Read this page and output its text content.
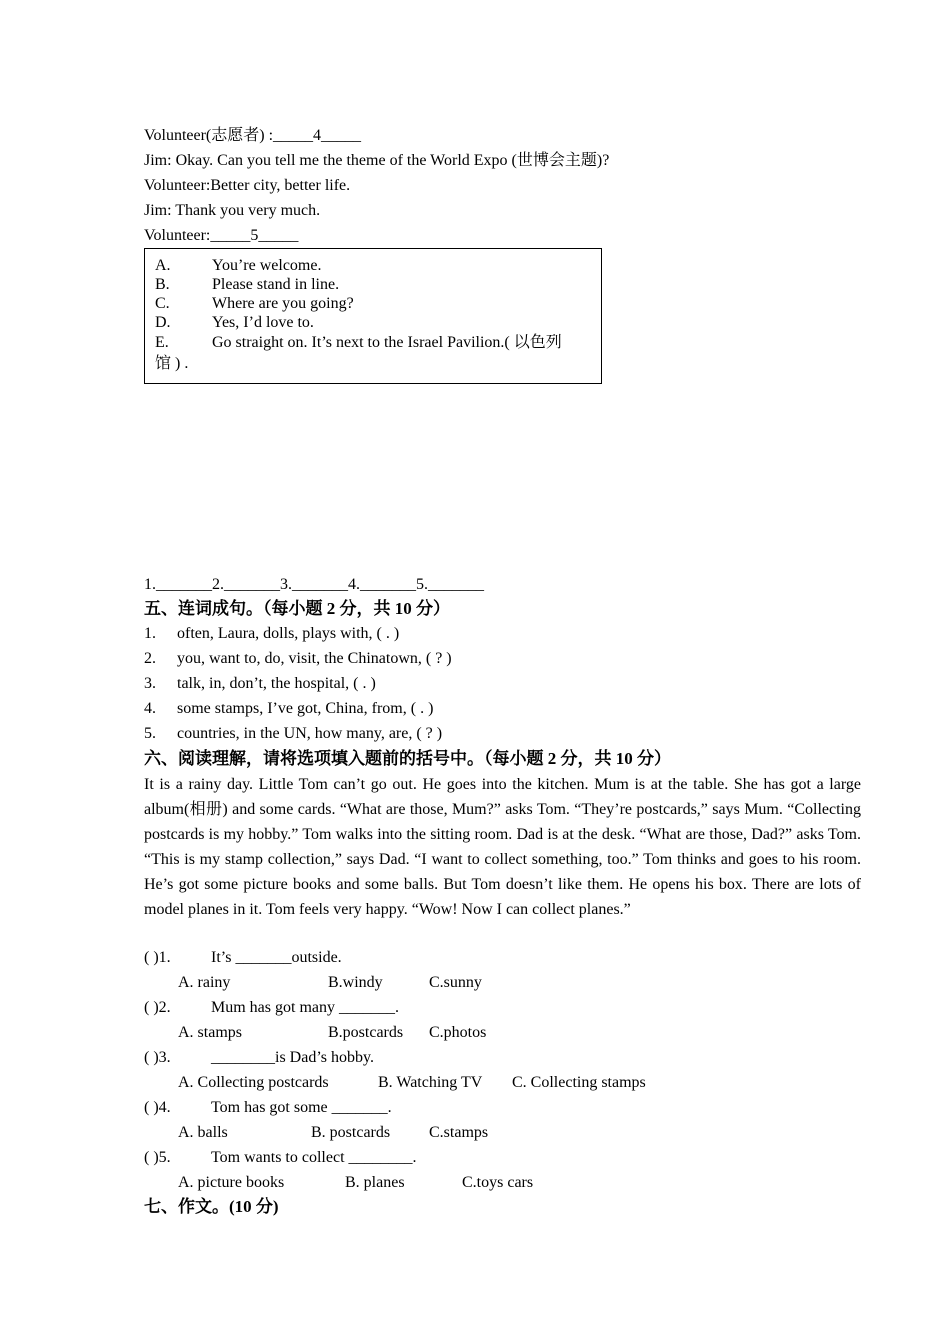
Volunteer(志愿者) :_____4_____
Jim: Okay. Can you tell me the theme of the World Expo (世博会主题)?
Volunteer:Better city, better life.
Jim: Thank you very much.
Volunteer:_____5_____
A.	You’re welcome.
B.	Please stand in line.
C.	Where are you going?
D.	Yes, I’d love to.
E.	Go straight on. It’s next to the Israel Pavilion.( 以色列
馆 ) .
1._______2._______3._______4._______5._______
五、连词成句。（每小题 2 分，共 10 分）
1. often, Laura, dolls, plays with, ( . )
2. you, want to, do, visit, the Chinatown, ( ? )
3. talk, in, don’t, the hospital, ( . )
4. some stamps, I’ve got, China, from, ( . )
5. countries, in the UN, how many, are, ( ? )
六、阅读理解，请将选项填入题前的括号中。（每小题 2 分，共 10 分）
It is a rainy day. Little Tom can’t go out. He goes into the kitchen. Mum is at the table. She has got a large album(相册) and some cards. “What are those, Mum?” asks Tom. “They’re postcards,” says Mum. “Collecting postcards is my hobby.” Tom walks into the sitting room. Dad is at the desk. “What are those, Dad?” asks Tom. “This is my stamp collection,” says Dad. “I want to collect something, too.” Tom thinks and goes to his room. He’s got some picture books and some balls. But Tom doesn’t like them. He opens his box. There are lots of model planes in it. Tom feels very happy. “Wow! Now I can collect planes.”
( )1.	It’s _______outside.
A. rainy	B.windy	C.sunny
( )2.	Mum has got many _______.
A. stamps	B.postcards C.photos
( )3.	________is Dad’s hobby.
A. Collecting postcards	B. Watching TV C. Collecting stamps
( )4.	Tom has got some _______.
A. balls	B. postcards C.stamps
( )5.	Tom wants to collect ________.
A. picture books	B. planes	C.toys cars
七、作文。(10 分)
